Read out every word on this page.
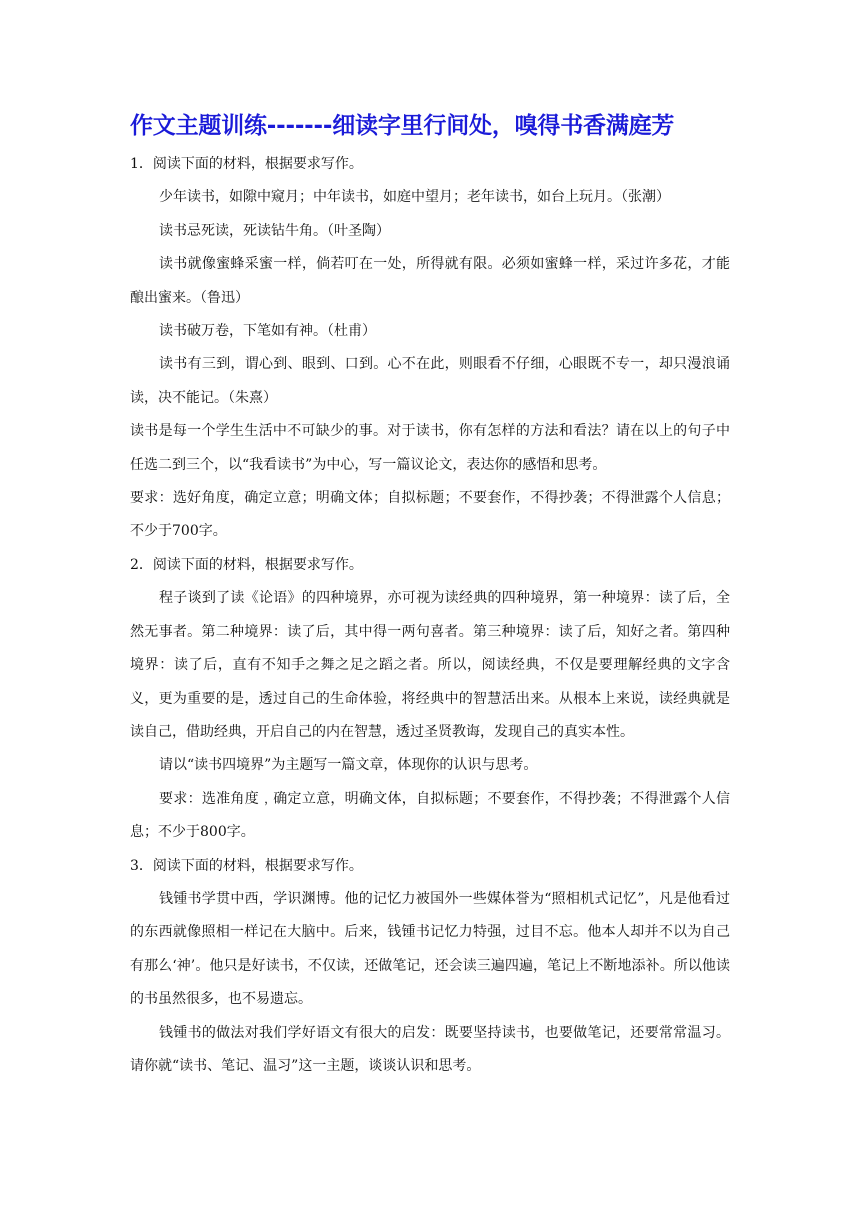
作文主题训练-------细读字里行间处，嗅得书香满庭芳

1．阅读下面的材料，根据要求写作。

少年读书，如隙中窥月；中年读书，如庭中望月；老年读书，如台上玩月。（张潮）

读书忌死读，死读钻牛角。（叶圣陶）

读书就像蜜蜂采蜜一样，倘若叮在一处，所得就有限。必须如蜜蜂一样，采过许多花，才能酿出蜜来。（鲁迅）

读书破万卷，下笔如有神。（杜甫）

读书有三到，谓心到、眼到、口到。心不在此，则眼看不仔细，心眼既不专一，却只漫浪诵读，决不能记。（朱熹）

读书是每一个学生生活中不可缺少的事。对于读书，你有怎样的方法和看法？请在以上的句子中任选二到三个，以“我看读书”为中心，写一篇议论文，表达你的感悟和思考。

要求：选好角度，确定立意；明确文体；自拟标题；不要套作，不得抄袭；不得泄露个人信息；不少于700字。

2．阅读下面的材料，根据要求写作。

程子谈到了读《论语》的四种境界，亦可视为读经典的四种境界，第一种境界：读了后，全然无事者。第二种境界：读了后，其中得一两句喜者。第三种境界：读了后，知好之者。第四种境界：读了后，直有不知手之舞之足之蹈之者。所以，阅读经典，不仅是要理解经典的文字含义，更为重要的是，透过自己的生命体验，将经典中的智慧活出来。从根本上来说，读经典就是读自己，借助经典，开启自己的内在智慧，透过圣贤教诲，发现自己的真实本性。

请以“读书四境界”为主题写一篇文章，体现你的认识与思考。

要求：选准角度﹐确定立意，明确文体，自拟标题；不要套作，不得抄袭；不得泄露个人信息；不少于800字。

3．阅读下面的材料，根据要求写作。

钱锺书学贯中西，学识渊博。他的记忆力被国外一些媒体誉为“照相机式记忆”，凡是他看过的东西就像照相一样记在大脑中。后来，钱锺书记忆力特强，过目不忘。他本人却并不以为自己有那么‘神’。他只是好读书，不仅读，还做笔记，还会读三遍四遍，笔记上不断地添补。所以他读的书虽然很多，也不易遗忘。

钱锺书的做法对我们学好语文有很大的启发：既要坚持读书，也要做笔记，还要常常温习。请你就“读书、笔记、温习”这一主题，谈谈认识和思考。
